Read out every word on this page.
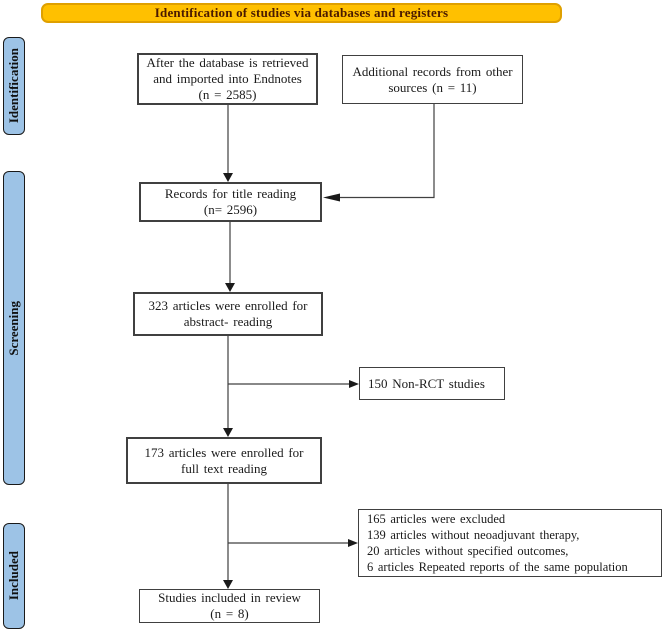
Identification of studies via databases and registers
Identification
Screening
Included
After the database is retrieved
and imported into Endnotes
(n = 2585)
Additional records from other
sources (n = 11)
Records for title reading
(n= 2596)
323 articles were enrolled for
abstract- reading
150 Non-RCT studies
173 articles were enrolled for
full text reading
165 articles were excluded
139 articles without neoadjuvant therapy,
20 articles without specified outcomes,
6 articles Repeated reports of the same population
Studies included in review
(n = 8)
